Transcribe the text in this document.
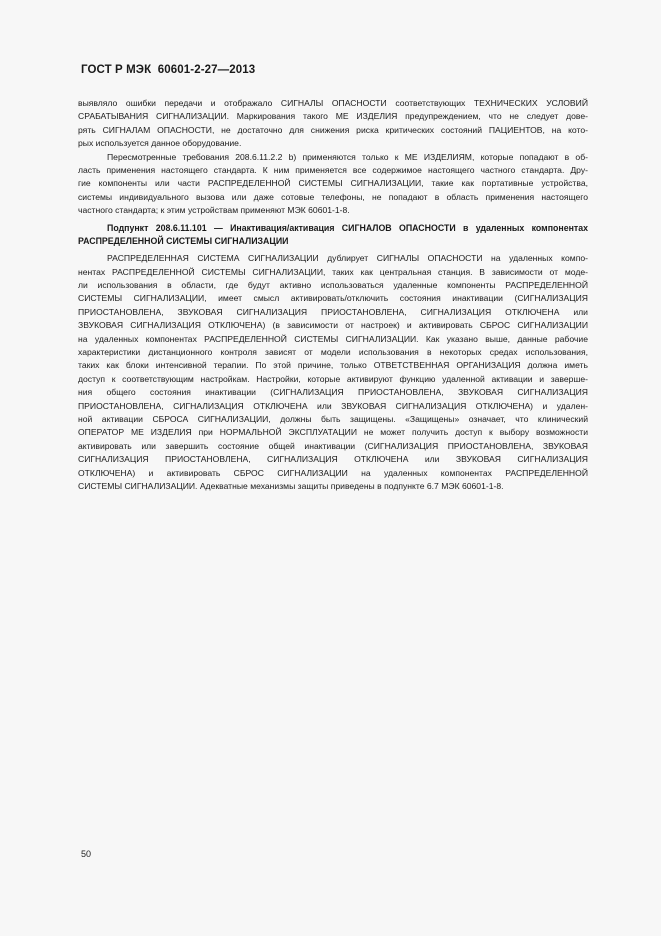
ГОСТ Р МЭК  60601-2-27—2013
выявляло ошибки передачи и отображало СИГНАЛЫ ОПАСНОСТИ соответствующих ТЕХНИЧЕСКИХ УСЛОВИЙ
СРАБАТЫВАНИЯ СИГНАЛИЗАЦИИ. Маркирования такого МЕ ИЗДЕЛИЯ предупреждением, что не следует дове-
рять СИГНАЛАМ ОПАСНОСТИ, не достаточно для снижения риска критических состояний ПАЦИЕНТОВ, на кото-
рых используется данное оборудование.
Пересмотренные требования 208.6.11.2.2 b) применяются только к МЕ ИЗДЕЛИЯМ, которые попадают в об-
ласть применения настоящего стандарта. К ним применяется все содержимое настоящего частного стандарта. Дру-
гие компоненты или части РАСПРЕДЕЛЕННОЙ СИСТЕМЫ СИГНАЛИЗАЦИИ, такие как портативные устройства,
системы индивидуального вызова или даже сотовые телефоны, не попадают в область применения настоящего
частного стандарта; к этим устройствам применяют МЭК 60601-1-8.
Подпункт 208.6.11.101 — Инактивация/активация СИГНАЛОВ ОПАСНОСТИ в удаленных компонентах
РАСПРЕДЕЛЕННОЙ СИСТЕМЫ СИГНАЛИЗАЦИИ
РАСПРЕДЕЛЕННАЯ СИСТЕМА СИГНАЛИЗАЦИИ дублирует СИГНАЛЫ ОПАСНОСТИ на удаленных компо-
нентах РАСПРЕДЕЛЕННОЙ СИСТЕМЫ СИГНАЛИЗАЦИИ, таких как центральная станция. В зависимости от моде-
ли использования в области, где будут активно использоваться удаленные компоненты РАСПРЕДЕЛЕННОЙ
СИСТЕМЫ СИГНАЛИЗАЦИИ, имеет смысл активировать/отключить состояния инактивации (СИГНАЛИЗАЦИЯ
ПРИОСТАНОВЛЕНА, ЗВУКОВАЯ СИГНАЛИЗАЦИЯ ПРИОСТАНОВЛЕНА, СИГНАЛИЗАЦИЯ ОТКЛЮЧЕНА или
ЗВУКОВАЯ СИГНАЛИЗАЦИЯ ОТКЛЮЧЕНА) (в зависимости от настроек) и активировать СБРОС СИГНАЛИЗАЦИИ
на удаленных компонентах РАСПРЕДЕЛЕННОЙ СИСТЕМЫ СИГНАЛИЗАЦИИ. Как указано выше, данные рабочие
характеристики дистанционного контроля зависят от модели использования в некоторых средах использования,
таких как блоки интенсивной терапии. По этой причине, только ОТВЕТСТВЕННАЯ ОРГАНИЗАЦИЯ должна иметь
доступ к соответствующим настройкам. Настройки, которые активируют функцию удаленной активации и заверше-
ния общего состояния инактивации (СИГНАЛИЗАЦИЯ ПРИОСТАНОВЛЕНА, ЗВУКОВАЯ СИГНАЛИЗАЦИЯ
ПРИОСТАНОВЛЕНА, СИГНАЛИЗАЦИЯ ОТКЛЮЧЕНА или ЗВУКОВАЯ СИГНАЛИЗАЦИЯ ОТКЛЮЧЕНА) и удален-
ной активации СБРОСА СИГНАЛИЗАЦИИ, должны быть защищены. «Защищены» означает, что клинический
ОПЕРАТОР МЕ ИЗДЕЛИЯ при НОРМАЛЬНОЙ ЭКСПЛУАТАЦИИ не может получить доступ к выбору возможности
активировать или завершить состояние общей инактивации (СИГНАЛИЗАЦИЯ ПРИОСТАНОВЛЕНА, ЗВУКОВАЯ
СИГНАЛИЗАЦИЯ ПРИОСТАНОВЛЕНА, СИГНАЛИЗАЦИЯ ОТКЛЮЧЕНА или ЗВУКОВАЯ СИГНАЛИЗАЦИЯ
ОТКЛЮЧЕНА) и активировать СБРОС СИГНАЛИЗАЦИИ на удаленных компонентах РАСПРЕДЕЛЕННОЙ
СИСТЕМЫ СИГНАЛИЗАЦИИ. Адекватные механизмы защиты приведены в подпункте 6.7 МЭК 60601-1-8.
50
